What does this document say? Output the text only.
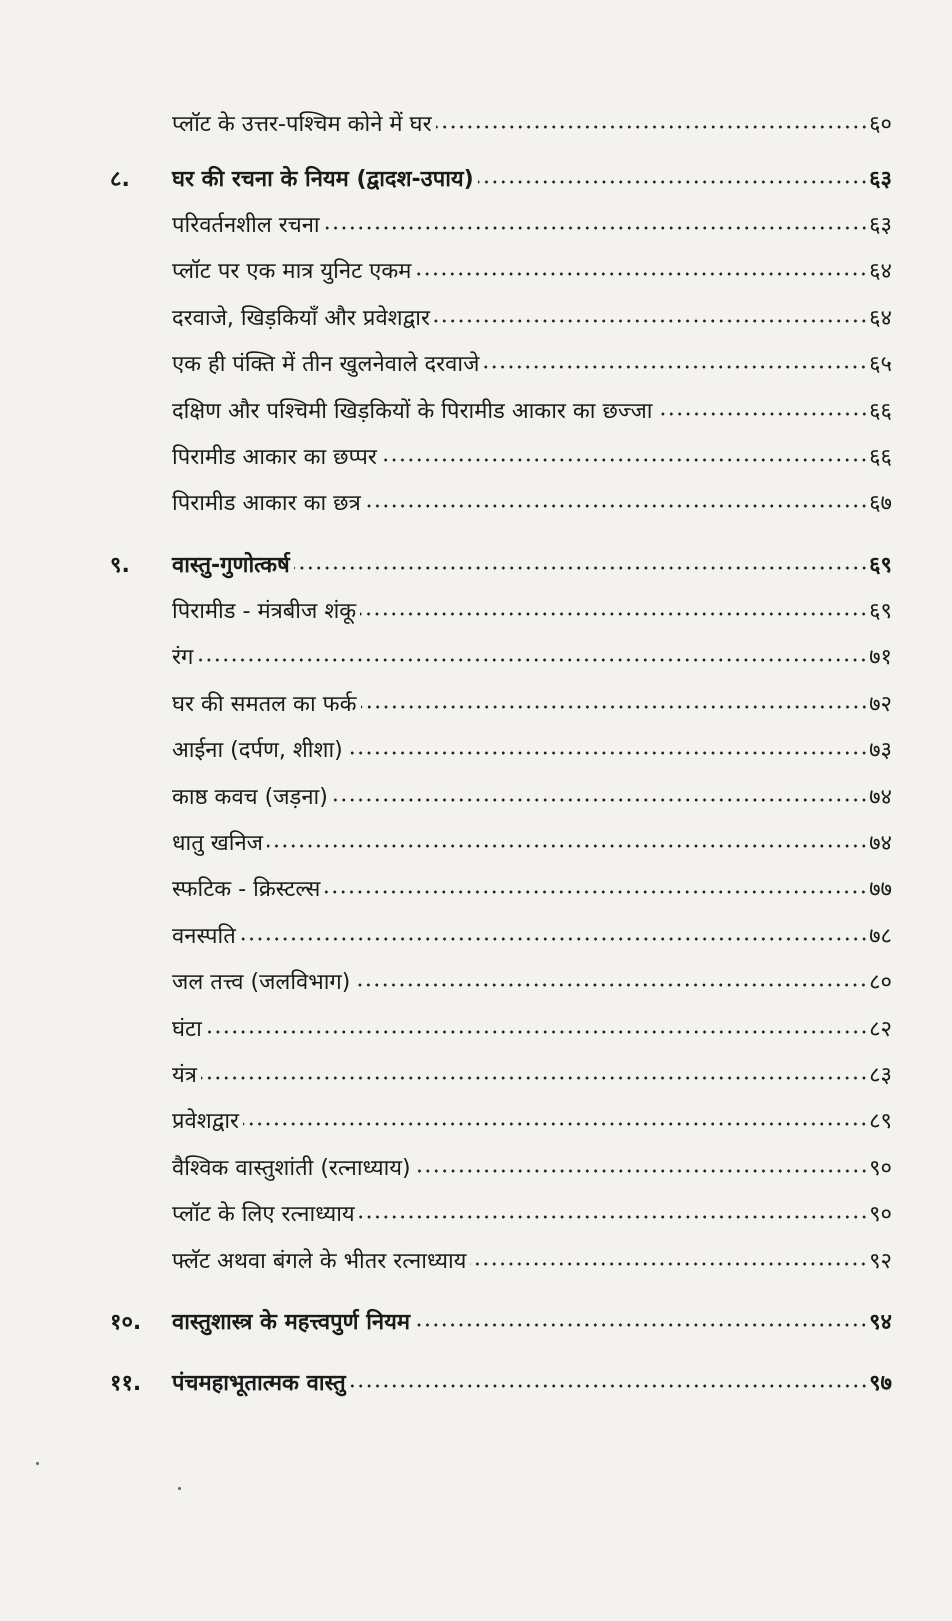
प्लॉट के उत्तर-पश्चिम कोने में घर	६०
८.	घर की रचना के नियम (द्वादश-उपाय)	६३
परिवर्तनशील रचना	६३
प्लॉट पर एक मात्र युनिट एकम	६४
दरवाजे, खिड़कियाँ और प्रवेशद्वार	६४
एक ही पंक्ति में तीन खुलनेवाले दरवाजे	६५
दक्षिण और पश्चिमी खिड़कियों के पिरामीड आकार का छज्जा	६६
पिरामीड आकार का छप्पर	६६
पिरामीड आकार का छत्र	६७
९.	वास्तु-गुणोत्कर्ष	६९
पिरामीड - मंत्रबीज शंकू	६९
रंग	७१
घर की समतल का फर्क	७२
आईना (दर्पण, शीशा)	७३
काष्ठ कवच (जड़ना)	७४
धातु खनिज	७४
स्फटिक - क्रिस्टल्स	७७
वनस्पति	७८
जल तत्त्व (जलविभाग)	८०
घंटा	८२
यंत्र	८३
प्रवेशद्वार	८९
वैश्विक वास्तुशांती (रत्नाध्याय)	९०
प्लॉट के लिए रत्नाध्याय	९०
फ्लॅट अथवा बंगले के भीतर रत्नाध्याय	९२
१०.	वास्तुशास्त्र के महत्त्वपुर्ण नियम	९४
११.	पंचमहाभूतात्मक वास्तु	९७
